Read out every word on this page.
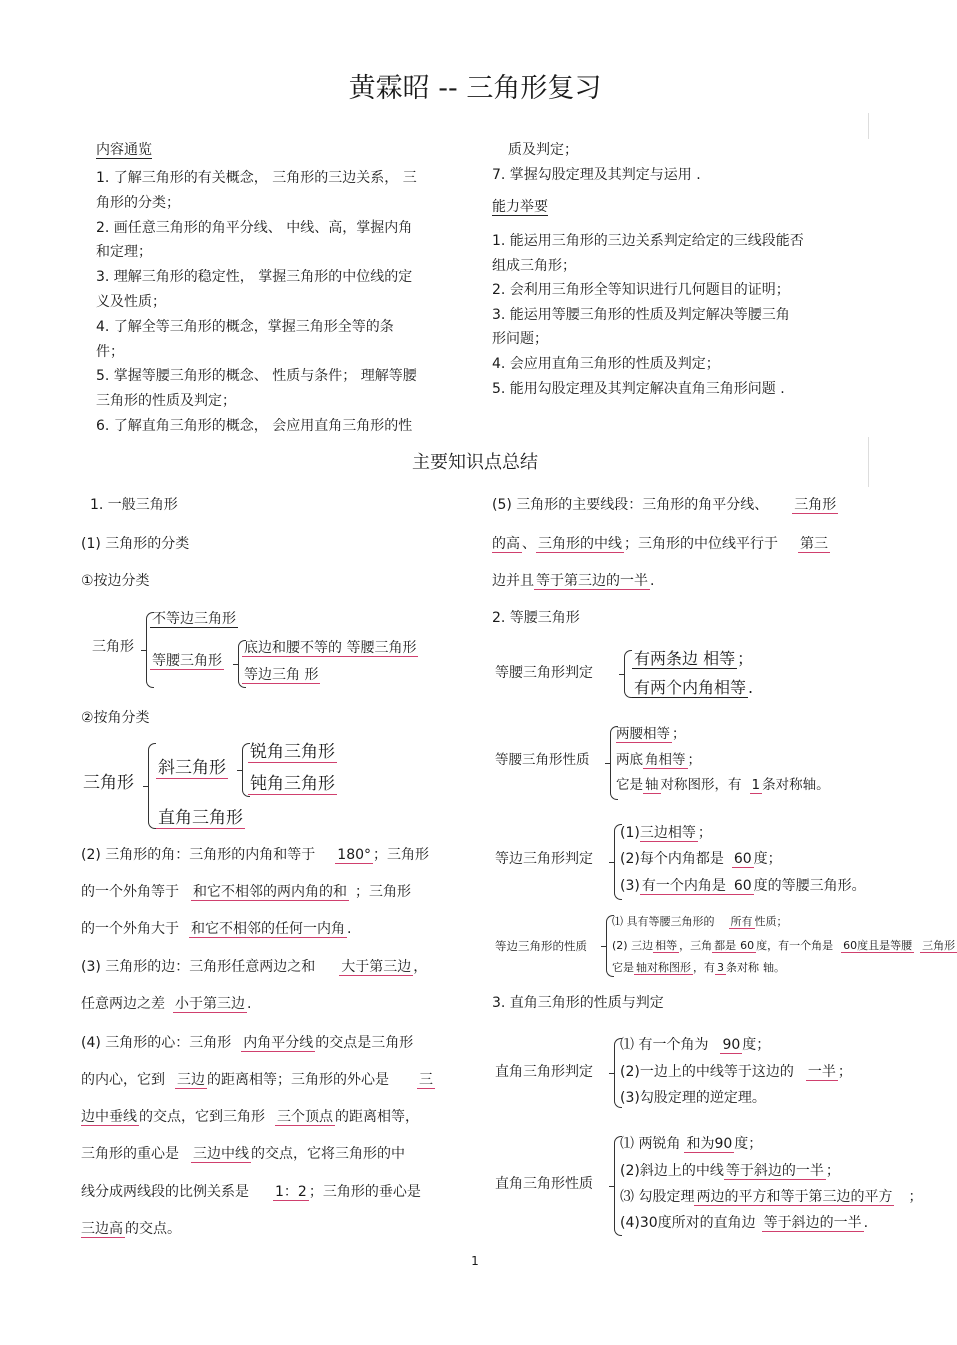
黄霖昭 -- 三角形复习
内容通览
1. 了解三角形的有关概念， 三角形的三边关系， 三
角形的分类；
2. 画任意三角形的角平分线、 中线、高，掌握内角
和定理；
3. 理解三角形的稳定性， 掌握三角形的中位线的定
义及性质；
4. 了解全等三角形的概念，掌握三角形全等的条
件；
5. 掌握等腰三角形的概念、 性质与条件； 理解等腰
三角形的性质及判定；
6. 了解直角三角形的概念， 会应用直角三角形的性
质及判定；
7. 掌握勾股定理及其判定与运用 .
能力举要
1. 能运用三角形的三边关系判定给定的三线段能否
组成三角形；
2. 会利用三角形全等知识进行几何题目的证明；
3. 能运用等腰三角形的性质及判定解决等腰三角
形问题；
4. 会应用直角三角形的性质及判定；
5. 能用勾股定理及其判定解决直角三角形问题 .
主要知识点总结
1. 一般三角形
(1) 三角形的分类
①按边分类
三角形
不等边三角形
等腰三角形
底边和腰不等的 等腰三角形
等边三角 形
②按角分类
三角形
斜三角形
锐角三角形
钝角三角形
直角三角形
(2) 三角形的角：三角形的内角和等于 180° ；三角形
的一个外角等于 和它不相邻的两内角的和 ；三角形
的一个外角大于 和它不相邻的任何一内角 .
(3) 三角形的边：三角形任意两边之和 大于第三边 ，
任意两边之差 小于第三边 .
(4) 三角形的心：三角形 内角平分线 的交点是三角形
的内心，它到 三边 的距离相等；三角形的外心是 三
边中垂线 的交点，它到三角形 三个顶点 的距离相等，
三角形的重心是 三边中线 的交点，它将三角形的中
线分成两线段的比例关系是 1：2 ；三角形的垂心是
三边高 的交点。
(5) 三角形的主要线段：三角形的角平分线、 三角形
的高 、 三角形的中线 ；三角形的中位线平行于 第三
边并且 等于第三边的一半 .
2. 等腰三角形
等腰三角形判定
有两条边 相等 ；
有两个内角相等 .
等腰三角形性质
两腰相等 ；
两底 角相等 ；
它是 轴 对称图形，有 1 条对称轴。
等边三角形判定
(1)三边相等 ；
(2)每个内角都是 60 度；
(3) 有一个内角是 60 度的等腰三角形。
等边三角形的性质
⑴ 具有等腰三角形的 所有 性质；
(2) 三边 相等 ，三角 都是 60 度，有一个角是 60度且是等腰 三角形
它是 轴对称图形 ，有 3 条对称 轴。
3. 直角三角形的性质与判定
直角三角形判定
⑴ 有一个角为 90 度；
(2)一边上的中线等于这边的 一半 ；
(3)勾股定理的逆定理。
直角三角形性质
⑴ 两锐角 和为90 度；
(2)斜边上的中线 等于斜边的一半 ；
⑶ 勾股定理 两边的平方和等于第三边的平方 ；
(4)30度所对的直角边 等于斜边的一半 .
1
